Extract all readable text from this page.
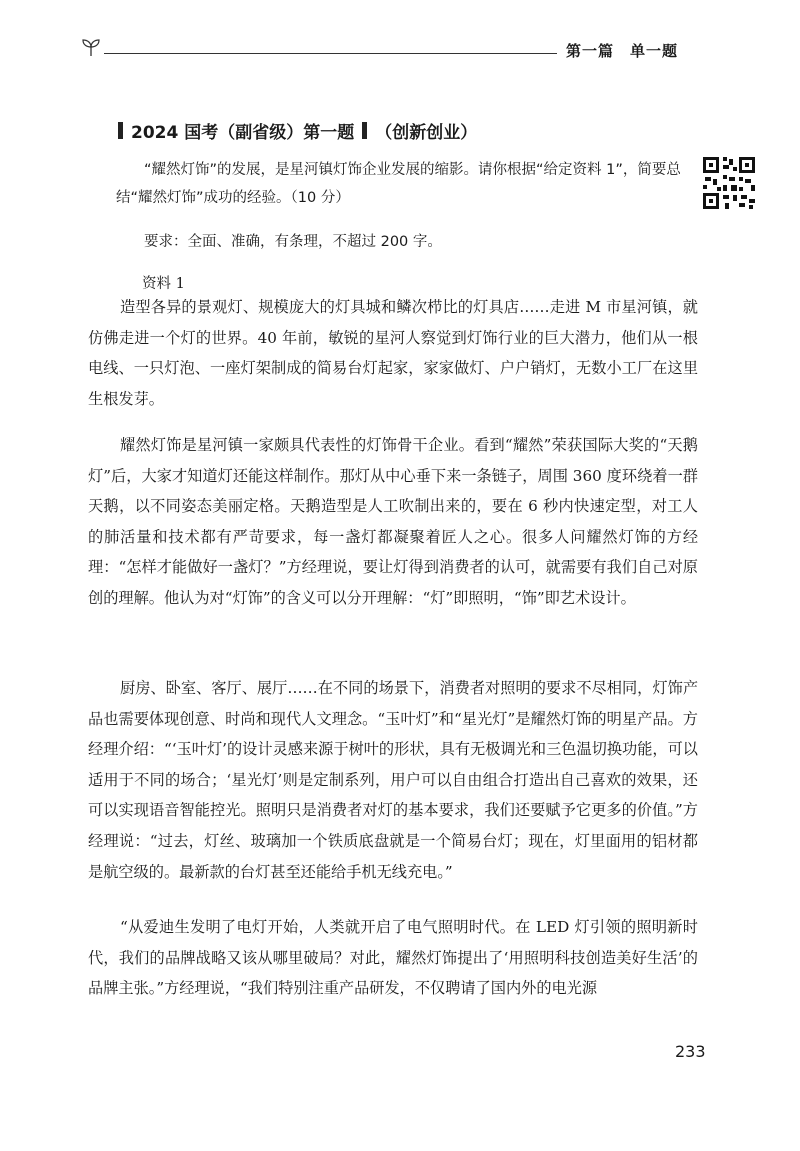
第一篇　单一题
2024 国考（副省级）第一题 （创新创业）
“耀然灯饰”的发展，是星河镇灯饰企业发展的缩影。请你根据“给定资料 1”，简要总结“耀然灯饰”成功的经验。（10 分）
要求：全面、准确，有条理，不超过 200 字。
资料 1

造型各异的景观灯、规模庞大的灯具城和鳞次栉比的灯具店……走进 M 市星河镇，就仿佛走进一个灯的世界。40 年前，敏锐的星河人察觉到灯饰行业的巨大潜力，他们从一根电线、一只灯泡、一座灯架制成的简易台灯起家，家家做灯、户户销灯，无数小工厂在这里生根发芽。

耀然灯饰是星河镇一家颇具代表性的灯饰骨干企业。看到“耀然”荣获国际大奖的“天鹅灯”后，大家才知道灯还能这样制作。那灯从中心垂下来一条链子，周围 360 度环绕着一群天鹅，以不同姿态美丽定格。天鹅造型是人工吹制出来的，要在 6 秒内快速定型，对工人的肺活量和技术都有严苛要求，每一盏灯都凝聚着匠人之心。很多人问耀然灯饰的方经理：“怎样才能做好一盏灯？”方经理说，要让灯得到消费者的认可，就需要有我们自己对原创的理解。他认为对“灯饰”的含义可以分开理解：“灯”即照明，“饰”即艺术设计。

厨房、卧室、客厅、展厅……在不同的场景下，消费者对照明的要求不尽相同，灯饰产品也需要体现创意、时尚和现代人文理念。“玉叶灯”和“星光灯”是耀然灯饰的明星产品。方经理介绍：“‘玉叶灯’的设计灵感来源于树叶的形状，具有无极调光和三色温切换功能，可以适用于不同的场合；‘星光灯’则是定制系列，用户可以自由组合打造出自己喜欢的效果，还可以实现语音智能控光。照明只是消费者对灯的基本要求，我们还要赋予它更多的价值。”方经理说：“过去，灯丝、玻璃加一个铁质底盘就是一个简易台灯；现在，灯里面用的铝材都是航空级的。最新款的台灯甚至还能给手机无线充电。”

“从爱迪生发明了电灯开始，人类就开启了电气照明时代。在 LED 灯引领的照明新时代，我们的品牌战略又该从哪里破局？对此，耀然灯饰提出了‘用照明科技创造美好生活’的品牌主张。”方经理说，“我们特别注重产品研发，不仅聘请了国内外的电光源

233
